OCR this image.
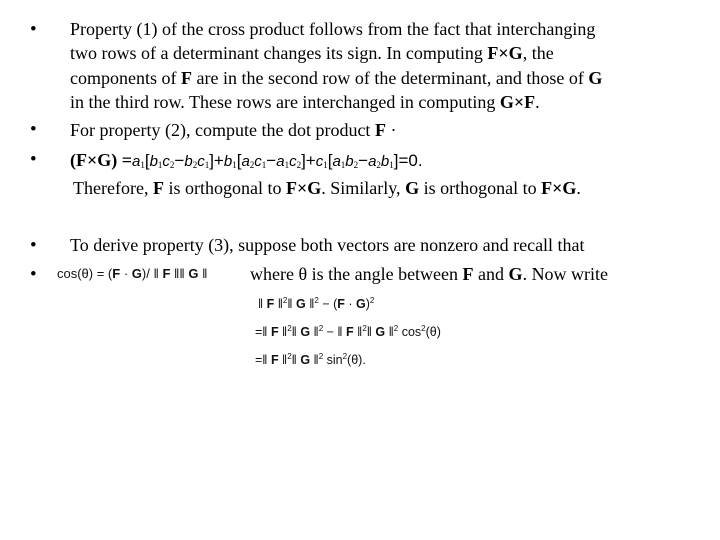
•
•
•
•
•
Property (1) of the cross product follows from the fact that interchanging
two rows of a determinant changes its sign. In computing F×G, the
components of F are in the second row of the determinant, and those of G
in the third row. These rows are interchanged in computing G×F.
For property (2), compute the dot product F ·
$(F\times G) =a_1[b_1c_2-b_2c_1]+b_1[a_2c_1-a_1c_2]+c_1[a_1b_2-a_2b_1]=0$.
Therefore, F is orthogonal to F×G. Similarly, G is orthogonal to F×G.
To derive property (3), suppose both vectors are nonzero and recall that
cos(θ) = (F · G)/ ‖ F ‖‖ G ‖ where θ is the angle between F and G. Now write
‖ F ‖$^2$‖ G ‖$^2$ − $(F \cdot G)^2$
=‖ F ‖$^2$‖ G ‖$^2$ − ‖ F ‖$^2$‖ G ‖$^2$ $\cos^2(\theta)$
=‖ F ‖$^2$‖ G ‖$^2$ $\sin^2(\theta)$.
